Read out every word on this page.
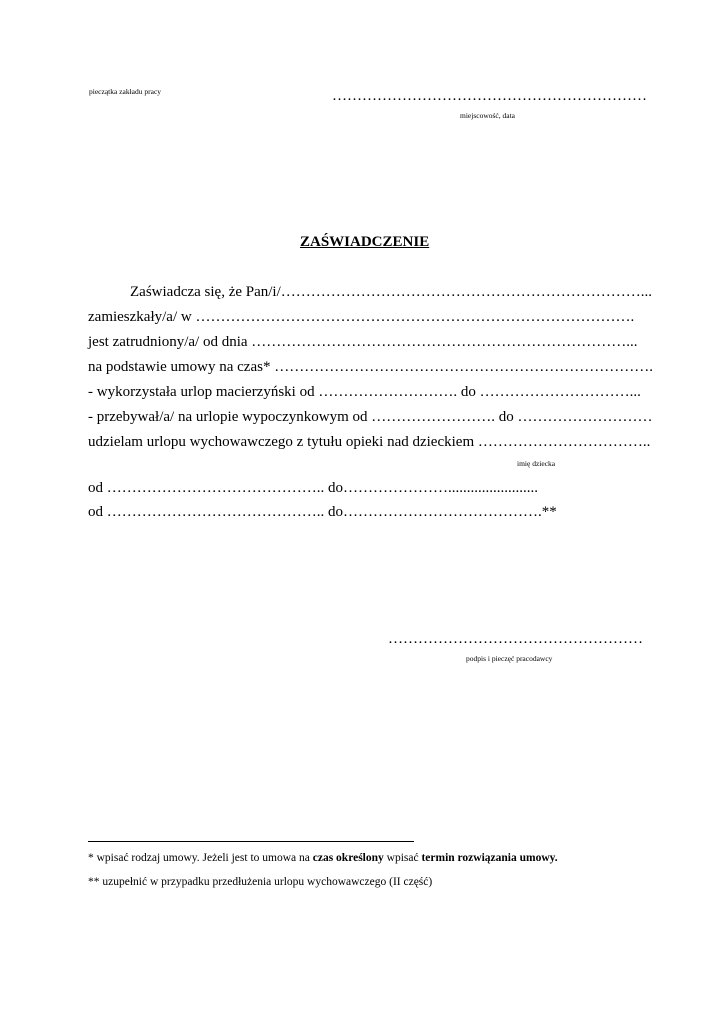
pieczątka zakładu pracy	………………………………………………………
miejscowość, data
ZAŚWIADCZENIE
Zaświadcza się, że Pan/i/………………………………………………………………...
zamieszkały/a/ w …………………………………………………………………………….
jest zatrudniony/a/ od dnia …………………………………………………………………...
na podstawie umowy na czas* ………………………………………………………………….
- wykorzystała urlop macierzyński od ………………………. do …………………………...
- przebywał/a/ na urlopie wypoczynkowym od ……………………. do ………………………
udzielam urlopu wychowawczego z tytułu opieki nad dzieckiem ……………………………..
imię dziecka
od …………………………………….. do…………………........................
od …………………………………….. do………………………………….**
……………………………………………
podpis i pieczęć pracodawcy
* wpisać rodzaj umowy. Jeżeli jest to umowa na czas określony wpisać termin rozwiązania umowy.
** uzupełnić w przypadku przedłużenia urlopu wychowawczego (II część)
